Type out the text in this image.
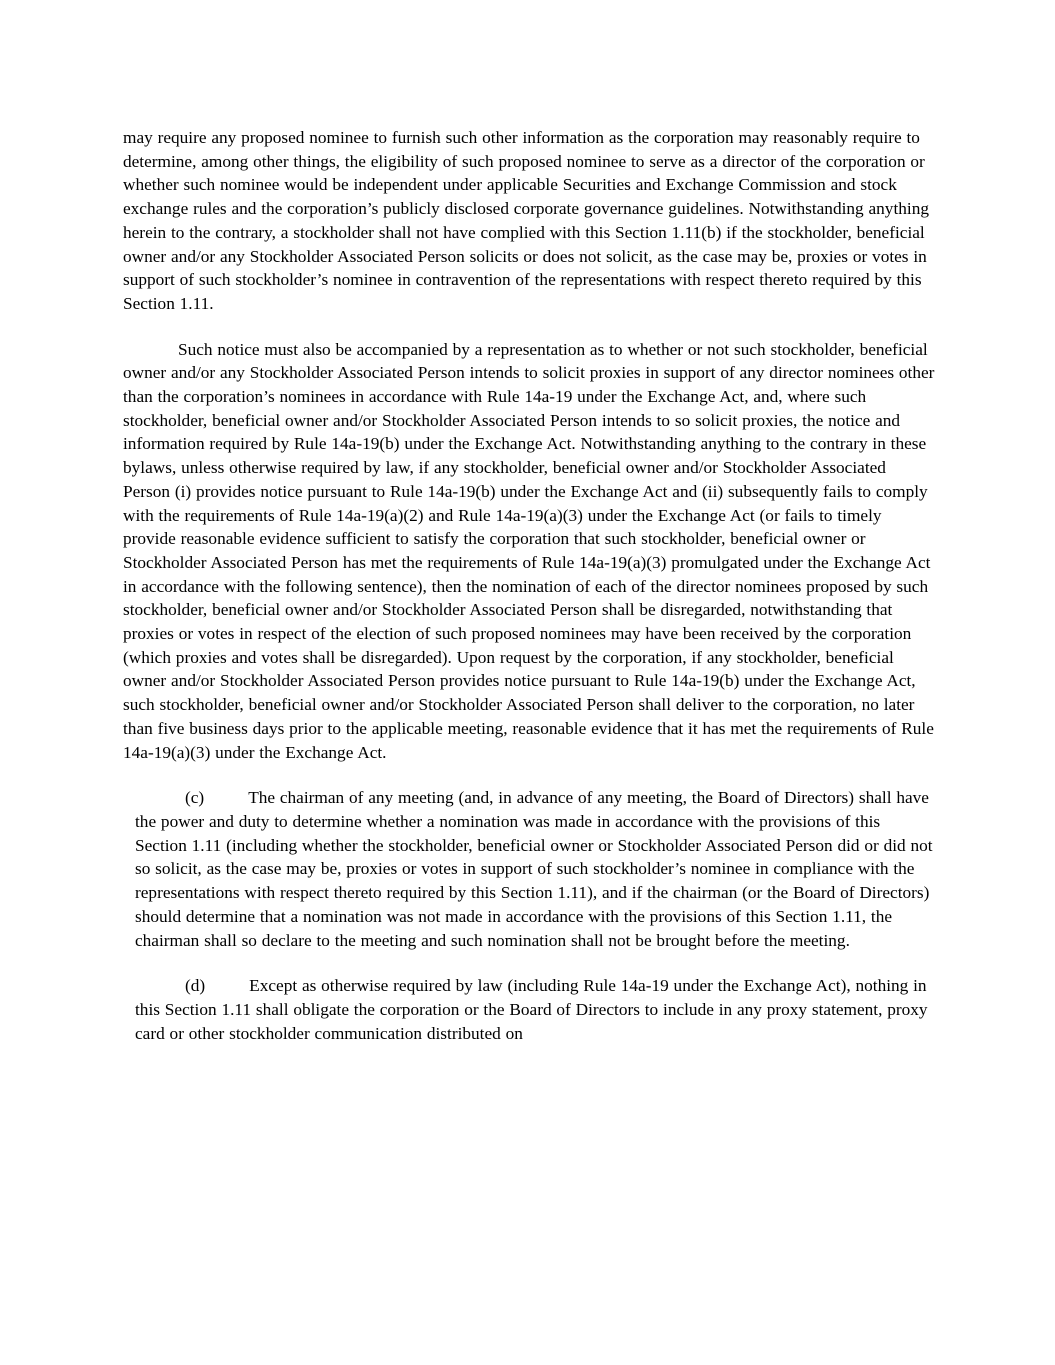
may require any proposed nominee to furnish such other information as the corporation may reasonably require to determine, among other things, the eligibility of such proposed nominee to serve as a director of the corporation or whether such nominee would be independent under applicable Securities and Exchange Commission and stock exchange rules and the corporation’s publicly disclosed corporate governance guidelines. Notwithstanding anything herein to the contrary, a stockholder shall not have complied with this Section 1.11(b) if the stockholder, beneficial owner and/or any Stockholder Associated Person solicits or does not solicit, as the case may be, proxies or votes in support of such stockholder’s nominee in contravention of the representations with respect thereto required by this Section 1.11.

Such notice must also be accompanied by a representation as to whether or not such stockholder, beneficial owner and/or any Stockholder Associated Person intends to solicit proxies in support of any director nominees other than the corporation’s nominees in accordance with Rule 14a-19 under the Exchange Act, and, where such stockholder, beneficial owner and/or Stockholder Associated Person intends to so solicit proxies, the notice and information required by Rule 14a-19(b) under the Exchange Act. Notwithstanding anything to the contrary in these bylaws, unless otherwise required by law, if any stockholder, beneficial owner and/or Stockholder Associated Person (i) provides notice pursuant to Rule 14a-19(b) under the Exchange Act and (ii) subsequently fails to comply with the requirements of Rule 14a-19(a)(2) and Rule 14a-19(a)(3) under the Exchange Act (or fails to timely provide reasonable evidence sufficient to satisfy the corporation that such stockholder, beneficial owner or Stockholder Associated Person has met the requirements of Rule 14a-19(a)(3) promulgated under the Exchange Act in accordance with the following sentence), then the nomination of each of the director nominees proposed by such stockholder, beneficial owner and/or Stockholder Associated Person shall be disregarded, notwithstanding that proxies or votes in respect of the election of such proposed nominees may have been received by the corporation (which proxies and votes shall be disregarded). Upon request by the corporation, if any stockholder, beneficial owner and/or Stockholder Associated Person provides notice pursuant to Rule 14a-19(b) under the Exchange Act, such stockholder, beneficial owner and/or Stockholder Associated Person shall deliver to the corporation, no later than five business days prior to the applicable meeting, reasonable evidence that it has met the requirements of Rule 14a-19(a)(3) under the Exchange Act.

(c)	The chairman of any meeting (and, in advance of any meeting, the Board of Directors) shall have the power and duty to determine whether a nomination was made in accordance with the provisions of this Section 1.11 (including whether the stockholder, beneficial owner or Stockholder Associated Person did or did not so solicit, as the case may be, proxies or votes in support of such stockholder’s nominee in compliance with the representations with respect thereto required by this Section 1.11), and if the chairman (or the Board of Directors) should determine that a nomination was not made in accordance with the provisions of this Section 1.11, the chairman shall so declare to the meeting and such nomination shall not be brought before the meeting.

(d)	Except as otherwise required by law (including Rule 14a-19 under the Exchange Act), nothing in this Section 1.11 shall obligate the corporation or the Board of Directors to include in any proxy statement, proxy card or other stockholder communication distributed on
